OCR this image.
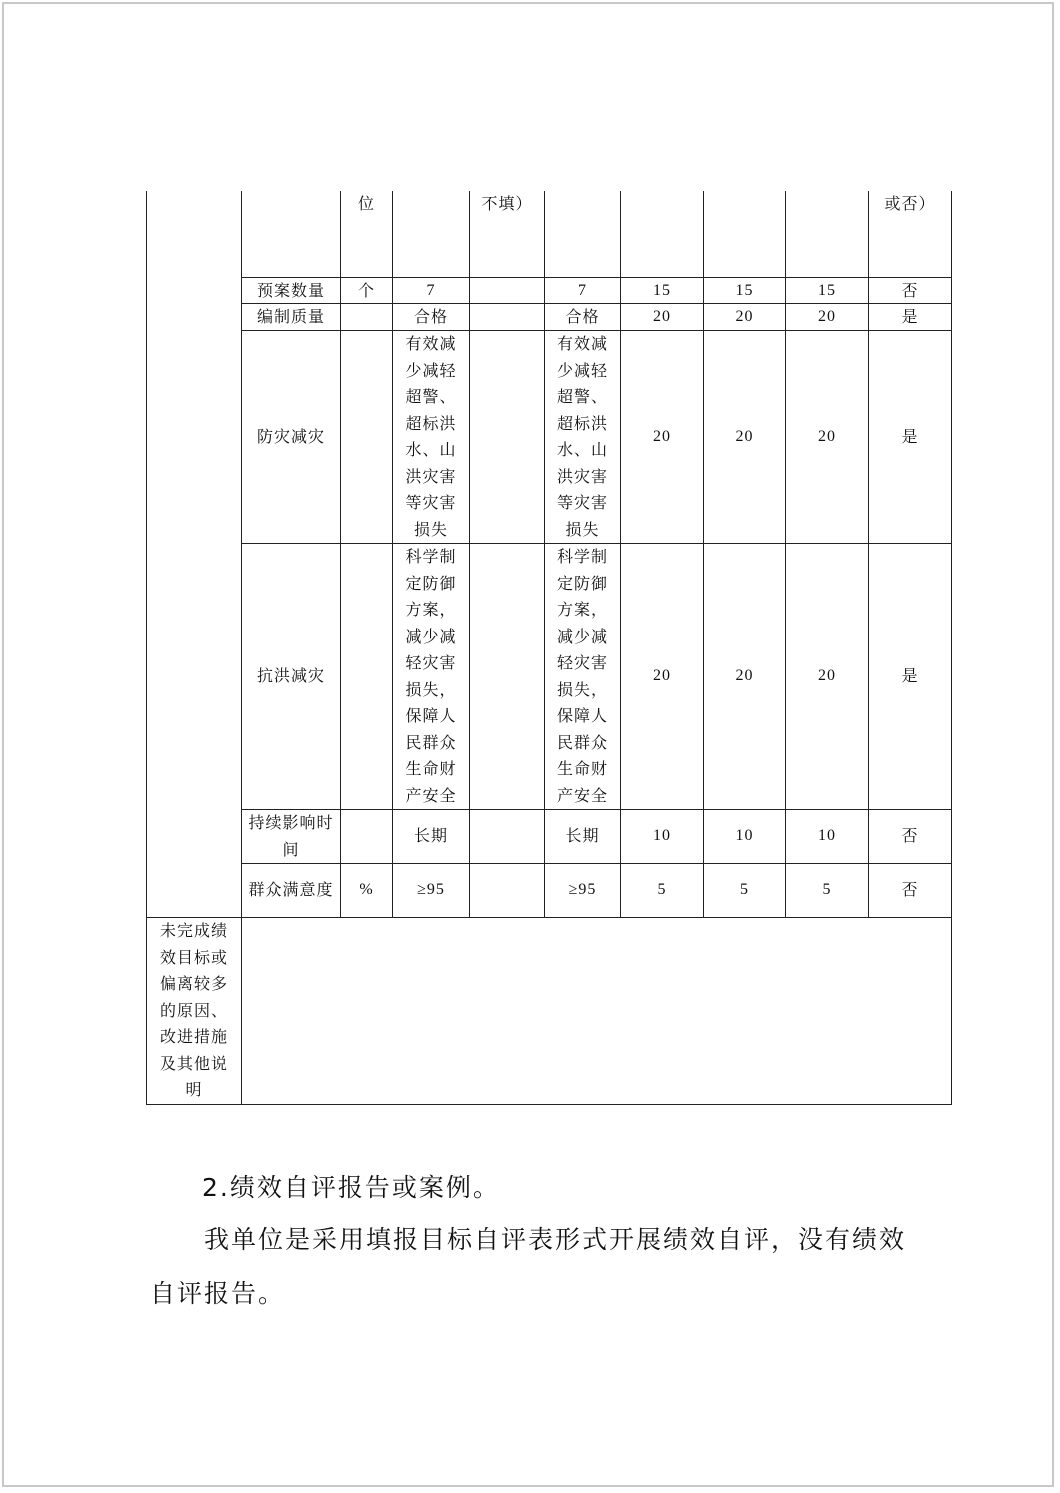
		位		不填）					或否）
	预案数量	个	7		7	15	15	15	否
	编制质量		合格		合格	20	20	20	是
	防灾减灾		有效减少减轻超警、超标洪水、山洪灾害等灾害损失		有效减少减轻超警、超标洪水、山洪灾害等灾害损失	20	20	20	是
	抗洪减灾		科学制定防御方案，减少减轻灾害损失，保障人民群众生命财产安全		科学制定防御方案，减少减轻灾害损失，保障人民群众生命财产安全	20	20	20	是
	持续影响时间		长期		长期	10	10	10	否
	群众满意度	%	≥95		≥95	5	5	5	否
未完成绩效目标或偏离较多的原因、改进措施及其他说明									
2.绩效自评报告或案例。
我单位是采用填报目标自评表形式开展绩效自评，没有绩效
自评报告。
